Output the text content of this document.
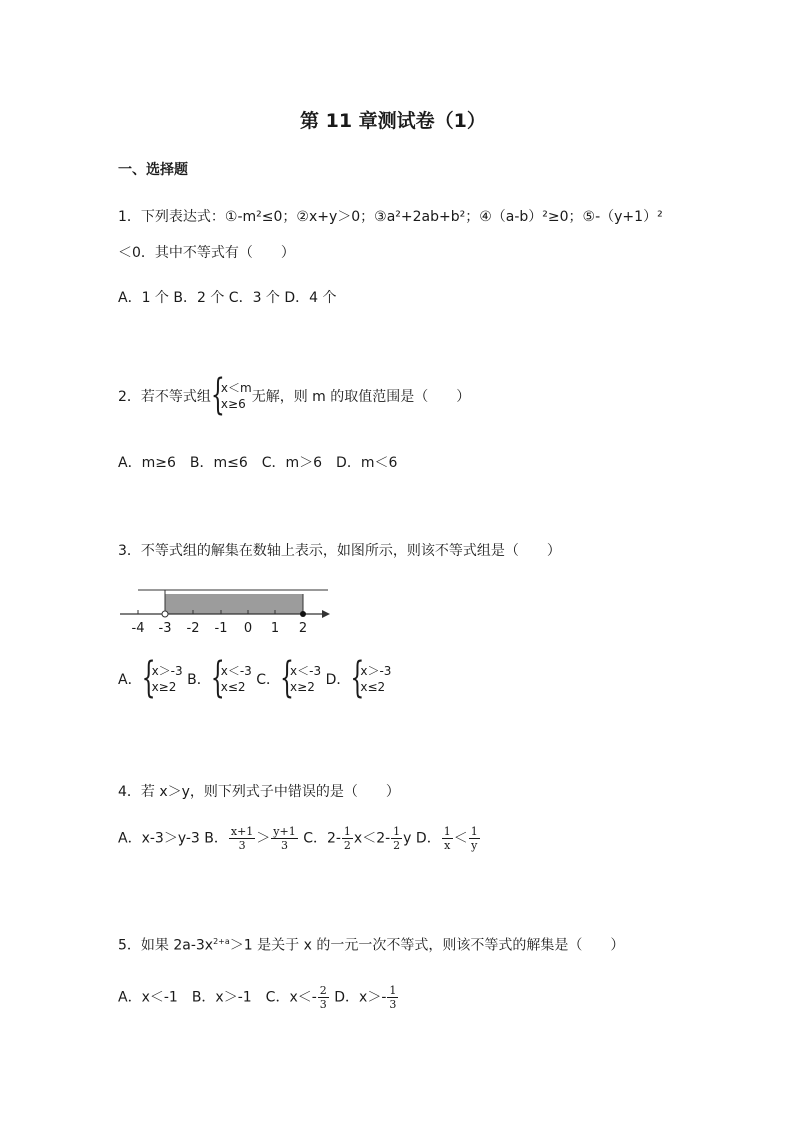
第 11 章测试卷（1）
一、选择题
1．下列表达式：①-m²≤0；②x+y＞0；③a²+2ab+b²；④（a-b）²≥0；⑤-（y+1）²
＜0．其中不等式有（　　）
A．1 个 B．2 个 C．3 个 D．4 个
2．若不等式组 {
x＜m
x≥6 无解，则 m 的取值范围是（　　）
A．m≥6　B．m≤6　C．m＞6　D．m＜6
3．不等式组的解集在数轴上表示，如图所示，则该不等式组是（　　）
-4 -3 -2 -1 0 1 2
A． {
x＞-3
x≥2 B． {
x＜-3
x≤2 C． {
x＜-3
x≥2 D． {
x＞-3
x≤2
4．若 x＞y，则下列式子中错误的是（　　）
A．x-3＞y-3 B． $\frac{x+1}{3} > \frac{y+1}{3}$ C．$2- \frac{1}{2} x<2- \frac{1}{2}$ y D． $\frac{1}{x} < \frac{1}{y}$
5．如果 $2a-3x^{2+a}>1$ 是关于 x 的一元一次不等式，则该不等式的解集是（　　）
A．x＜-1　B．x＞-1　C．$x<- \frac{2}{3}$ D．$x>- \frac{1}{3}$
